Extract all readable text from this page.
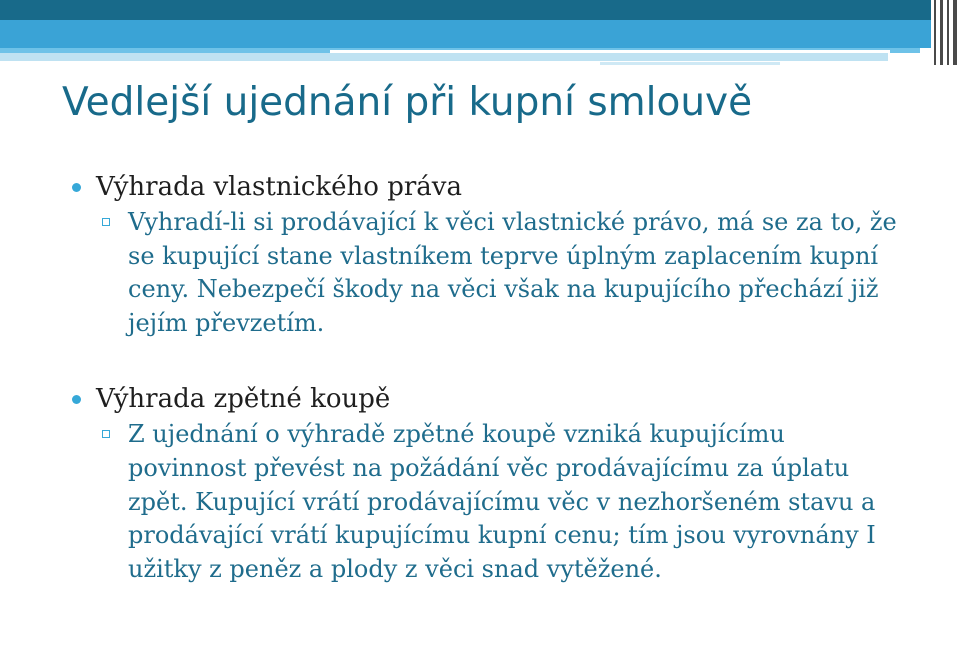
Vedlejší ujednání při kupní smlouvě

Výhrada vlastnického práva

Vyhradí-li si prodávající k věci vlastnické právo, má se za to, že se kupující stane vlastníkem teprve úplným zaplacením kupní ceny. Nebezpečí škody na věci však na kupujícího přechází již jejím převzetím.

Výhrada zpětné koupě

Z ujednání o výhradě zpětné koupě vzniká kupujícímu povinnost převést na požádání věc prodávajícímu za úplatu zpět. Kupující vrátí prodávajícímu věc v nezhoršeném stavu a prodávající vrátí kupujícímu kupní cenu; tím jsou vyrovnány I užitky z peněz a plody z věci snad vytěžené.
